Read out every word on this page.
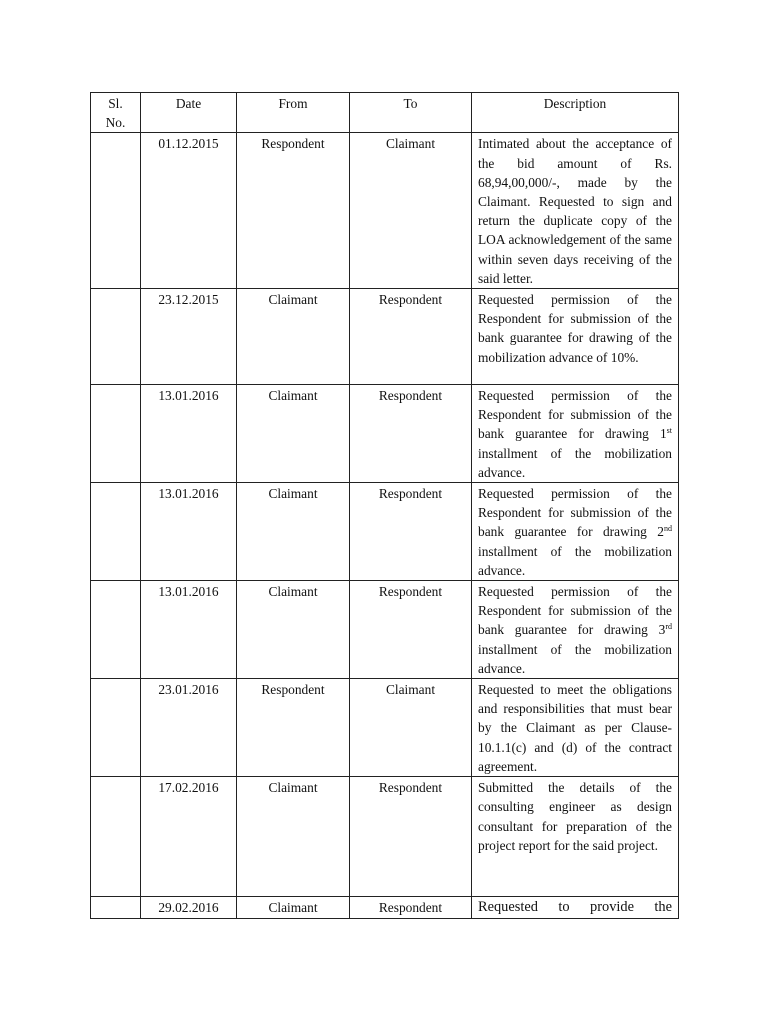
Sl. No.	Date	From	To	Description
	01.12.2015	Respondent	Claimant	Intimated about the acceptance of the bid amount of Rs. 68,94,00,000/-, made by the Claimant. Requested to sign and return the duplicate copy of the LOA acknowledgement of the same within seven days receiving of the said letter.
	23.12.2015	Claimant	Respondent	Requested permission of the Respondent for submission of the bank guarantee for drawing of the mobilization advance of 10%.
	13.01.2016	Claimant	Respondent	Requested permission of the Respondent for submission of the bank guarantee for drawing 1st installment of the mobilization advance.
	13.01.2016	Claimant	Respondent	Requested permission of the Respondent for submission of the bank guarantee for drawing 2nd installment of the mobilization advance.
	13.01.2016	Claimant	Respondent	Requested permission of the Respondent for submission of the bank guarantee for drawing 3rd installment of the mobilization advance.
	23.01.2016	Respondent	Claimant	Requested to meet the obligations and responsibilities that must bear by the Claimant as per Clause-10.1.1(c) and (d) of the contract agreement.
	17.02.2016	Claimant	Respondent	Submitted the details of the consulting engineer as design consultant for preparation of the project report for the said project.
	29.02.2016	Claimant	Respondent	Requested to provide the
